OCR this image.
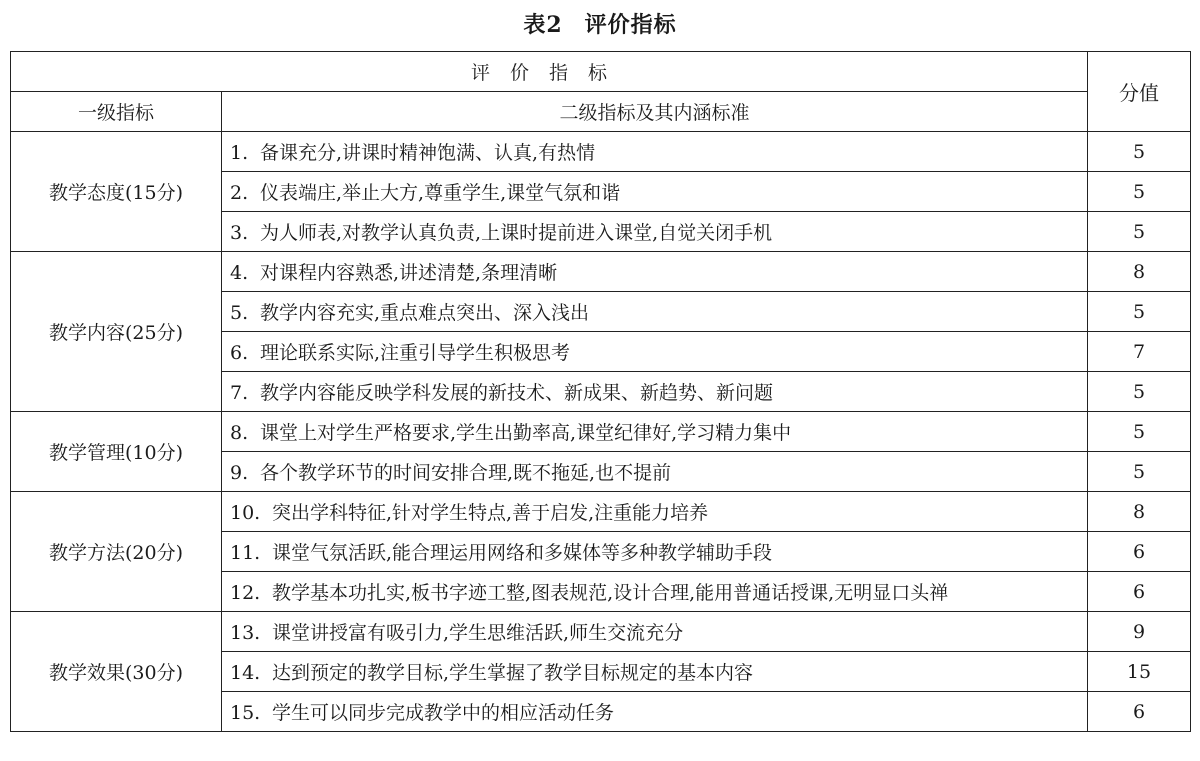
表2 评价指标
评价指标		分值
一级指标	二级指标及其内涵标准	
教学态度(15分)	1. 备课充分,讲课时精神饱满、认真,有热情	5
	2. 仪表端庄,举止大方,尊重学生,课堂气氛和谐	5
	3. 为人师表,对教学认真负责,上课时提前进入课堂,自觉关闭手机	5
教学内容(25分)	4. 对课程内容熟悉,讲述清楚,条理清晰	8
	5. 教学内容充实,重点难点突出、深入浅出	5
	6. 理论联系实际,注重引导学生积极思考	7
	7. 教学内容能反映学科发展的新技术、新成果、新趋势、新问题	5
教学管理(10分)	8. 课堂上对学生严格要求,学生出勤率高,课堂纪律好,学习精力集中	5
	9. 各个教学环节的时间安排合理,既不拖延,也不提前	5
教学方法(20分)	10. 突出学科特征,针对学生特点,善于启发,注重能力培养	8
	11. 课堂气氛活跃,能合理运用网络和多媒体等多种教学辅助手段	6
	12. 教学基本功扎实,板书字迹工整,图表规范,设计合理,能用普通话授课,无明显口头禅	6
教学效果(30分)	13. 课堂讲授富有吸引力,学生思维活跃,师生交流充分	9
	14. 达到预定的教学目标,学生掌握了教学目标规定的基本内容	15
	15. 学生可以同步完成教学中的相应活动任务	6
